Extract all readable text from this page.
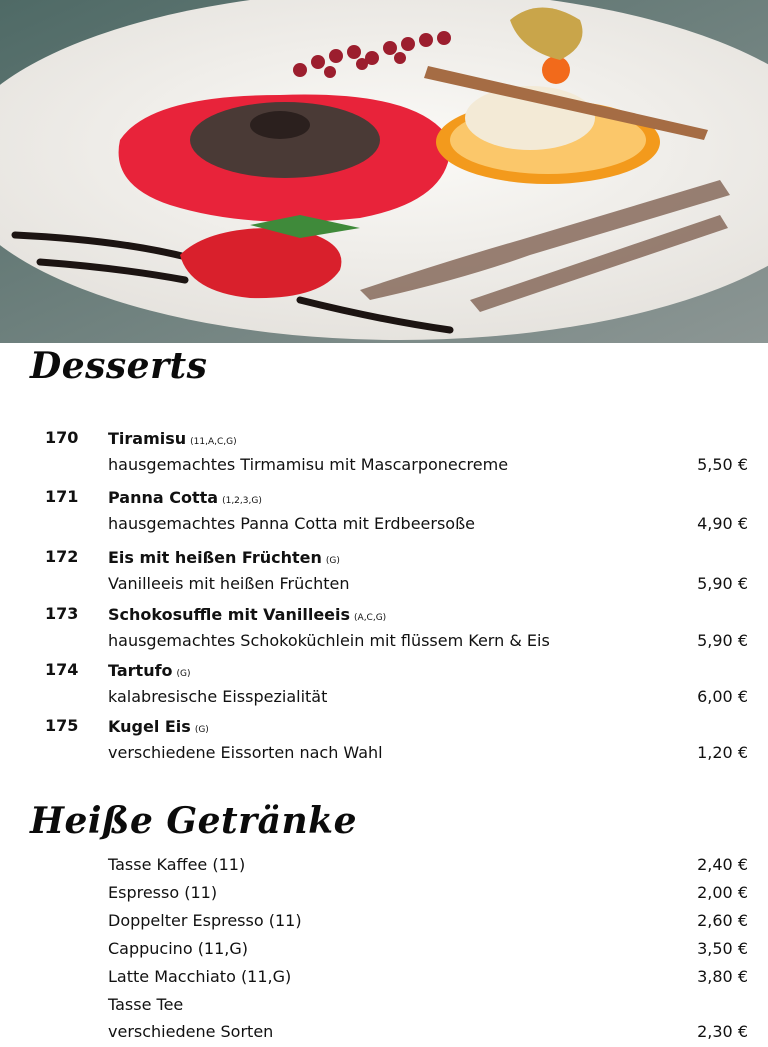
Desserts
170 Tiramisu (11,A,C,G)
hausgemachtes Tirmamisu mit Mascarponecreme	5,50 €
171 Panna Cotta (1,2,3,G)
hausgemachtes Panna Cotta mit Erdbeersoße	4,90 €
172 Eis mit heißen Früchten (G)
Vanilleeis mit heißen Früchten	5,90 €
173 Schokosuffle mit Vanilleeis (A,C,G)
hausgemachtes Schokoküchlein mit flüssem Kern & Eis	5,90 €
174 Tartufo (G)
kalabresische Eisspezialität	6,00 €
175 Kugel Eis (G)
verschiedene Eissorten nach Wahl	1,20 €
Heiße Getränke
Tasse Kaffee (11)	2,40 €
Espresso (11)	2,00 €
Doppelter Espresso (11)	2,60 €
Cappucino (11,G)	3,50 €
Latte Macchiato (11,G)	3,80 €
Tasse Tee
verschiedene Sorten	2,30 €
